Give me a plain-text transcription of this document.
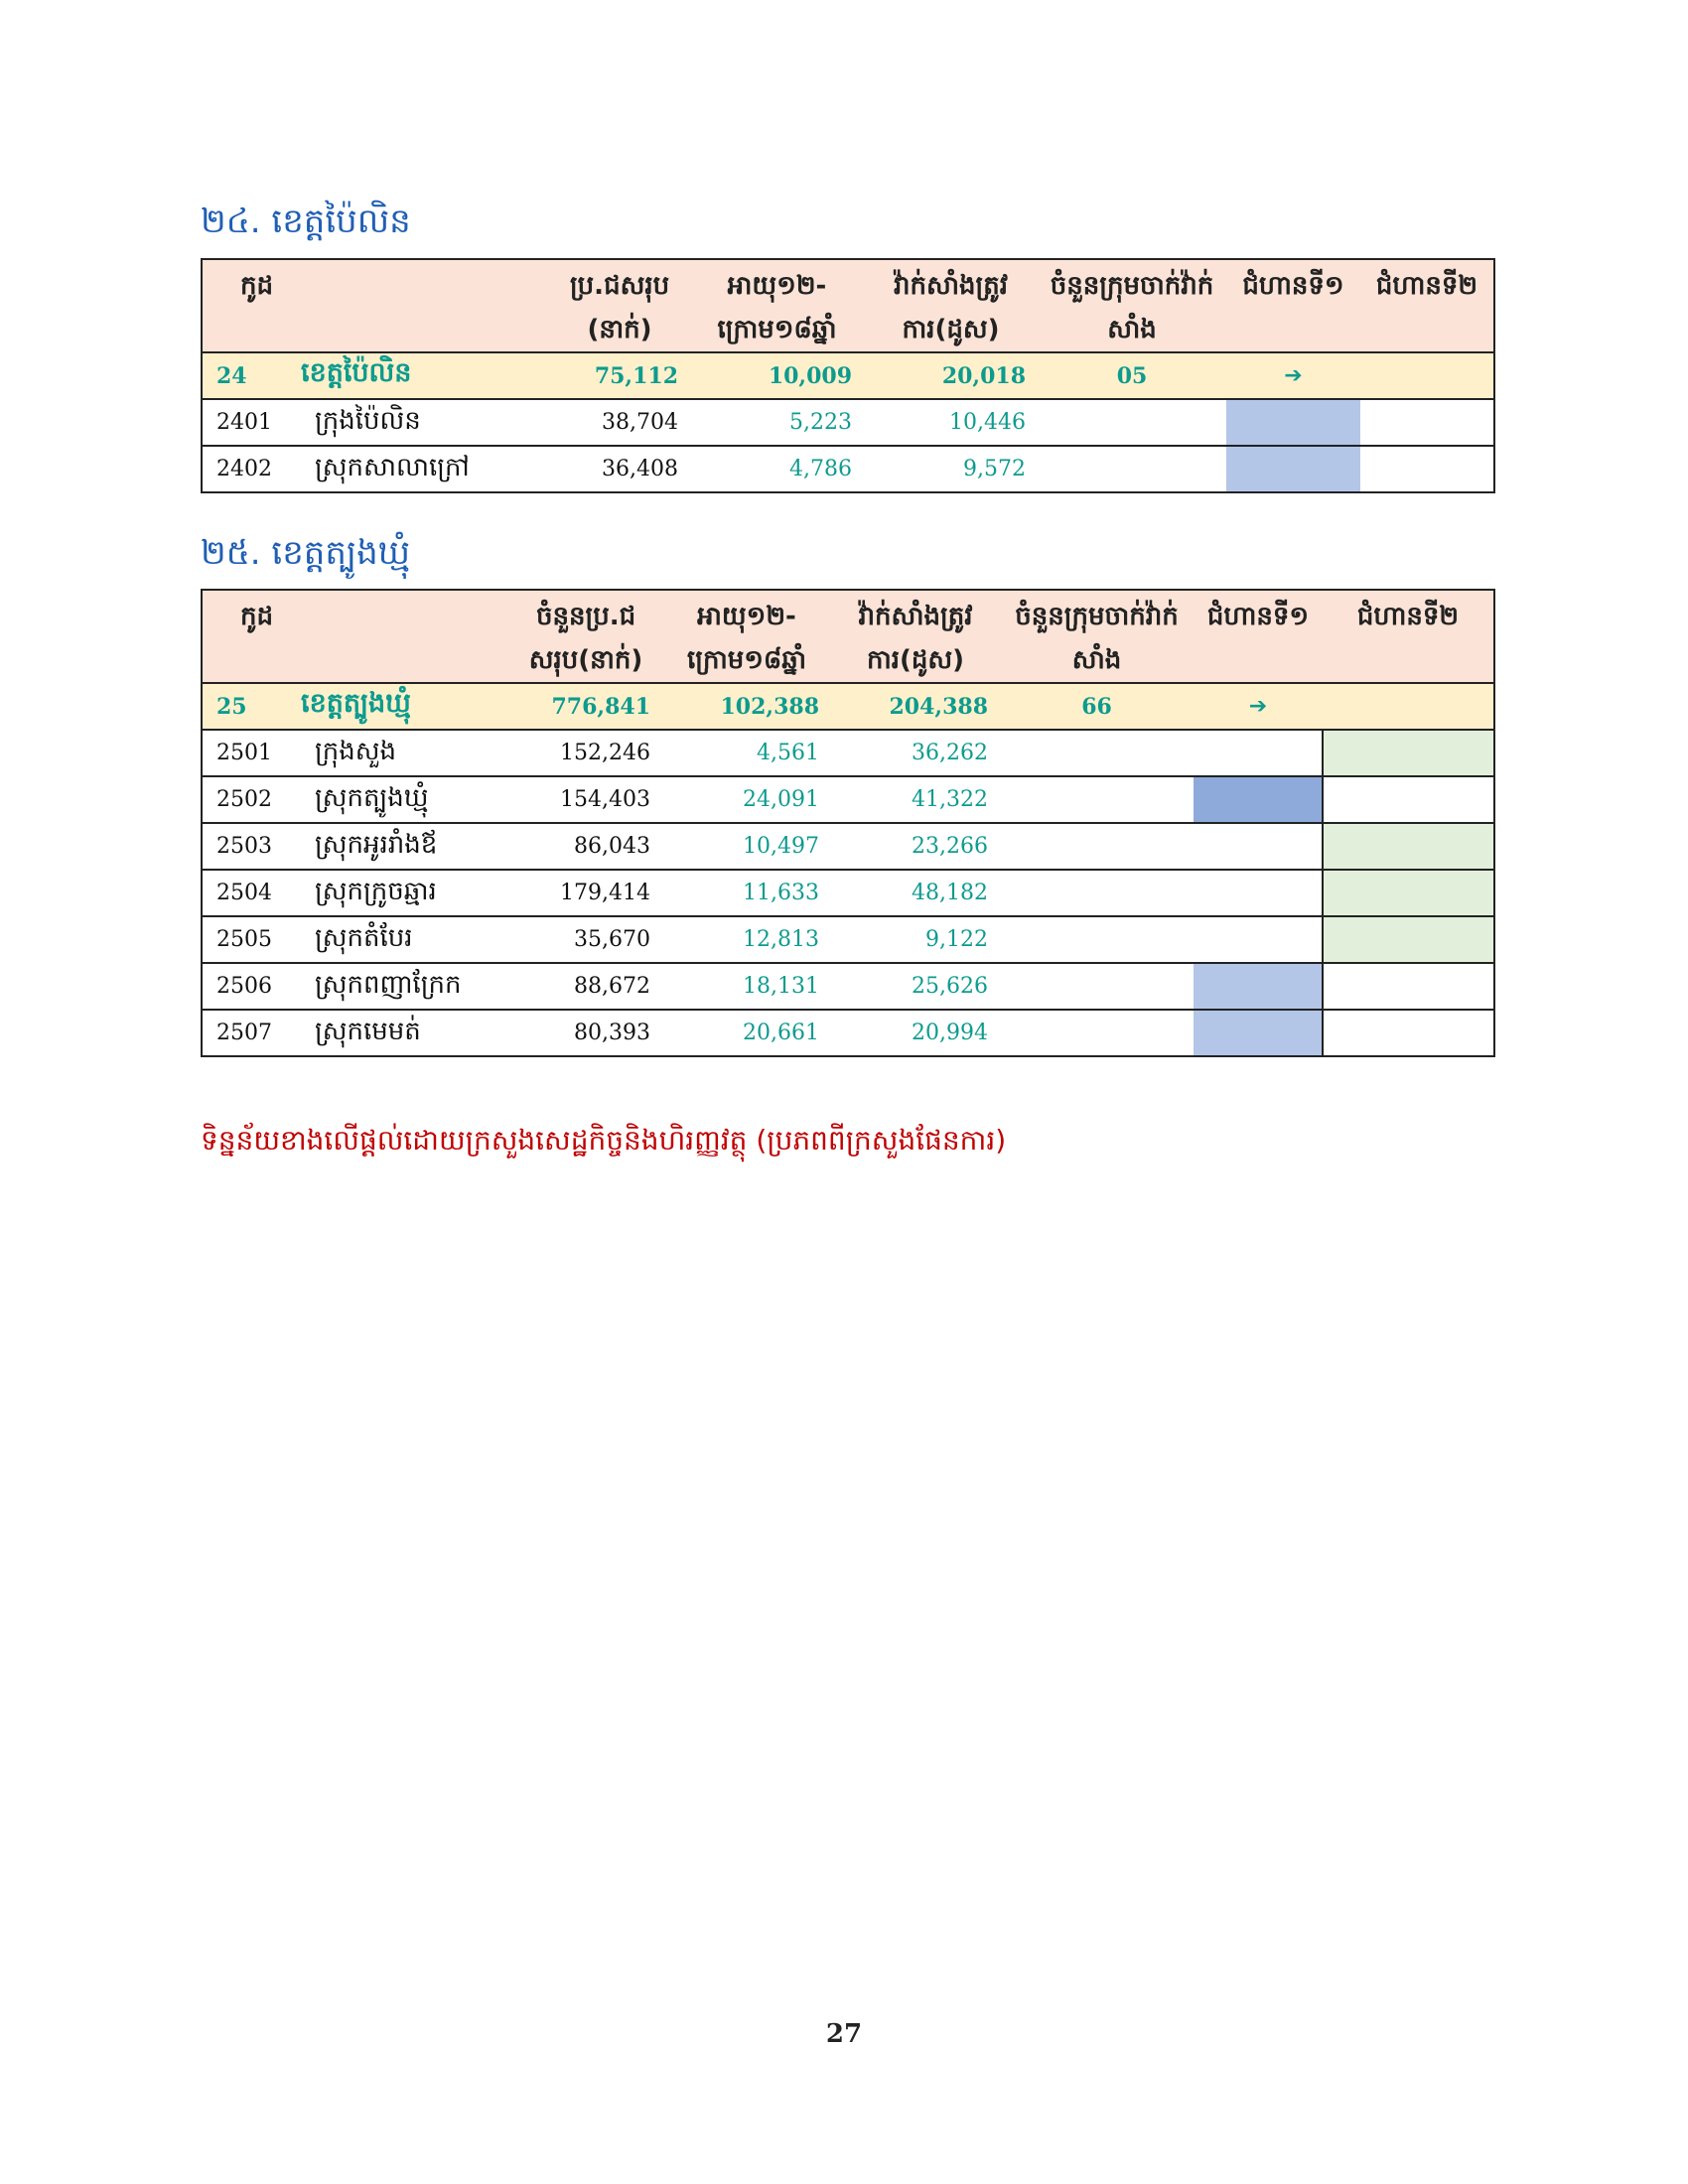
២៤. ខេត្តប៉ៃលិន
កូដ		ប្រ.ជសរុប (នាក់)	អាយុ១២-ក្រោម១៨ឆ្នាំ	វ៉ាក់សាំងត្រូវការ(ដូស)	ចំនួនក្រុមចាក់វ៉ាក់សាំង	ជំហានទី១	ជំហានទី២
24	ខេត្តប៉ៃលិន	75,112	10,009	20,018	05	➔	
2401	ក្រុងប៉ៃលិន	38,704	5,223	10,446			
2402	ស្រុកសាលាក្រៅ	36,408	4,786	9,572			
២៥. ខេត្តត្បូងឃ្មុំ
កូដ		ចំនួនប្រ.ជសរុប(នាក់)	អាយុ១២-ក្រោម១៨ឆ្នាំ	វ៉ាក់សាំងត្រូវការ(ដូស)	ចំនួនក្រុមចាក់វ៉ាក់សាំង	ជំហានទី១	ជំហានទី២
25	ខេត្តត្បូងឃ្មុំ	776,841	102,388	204,388	66	➔	
2501	ក្រុងសួង	152,246	4,561	36,262			
2502	ស្រុកត្បូងឃ្មុំ	154,403	24,091	41,322			
2503	ស្រុកអូររាំងឪ	86,043	10,497	23,266			
2504	ស្រុកក្រូចឆ្មារ	179,414	11,633	48,182			
2505	ស្រុកតំបែរ	35,670	12,813	9,122			
2506	ស្រុកពញាក្រែក	88,672	18,131	25,626			
2507	ស្រុកមេមត់	80,393	20,661	20,994			
ទិន្នន័យខាងលើផ្ដល់ដោយក្រសួងសេដ្ឋកិច្ចនិងហិរញ្ញវត្ថុ (ប្រភពពីក្រសួងផែនការ)
27
